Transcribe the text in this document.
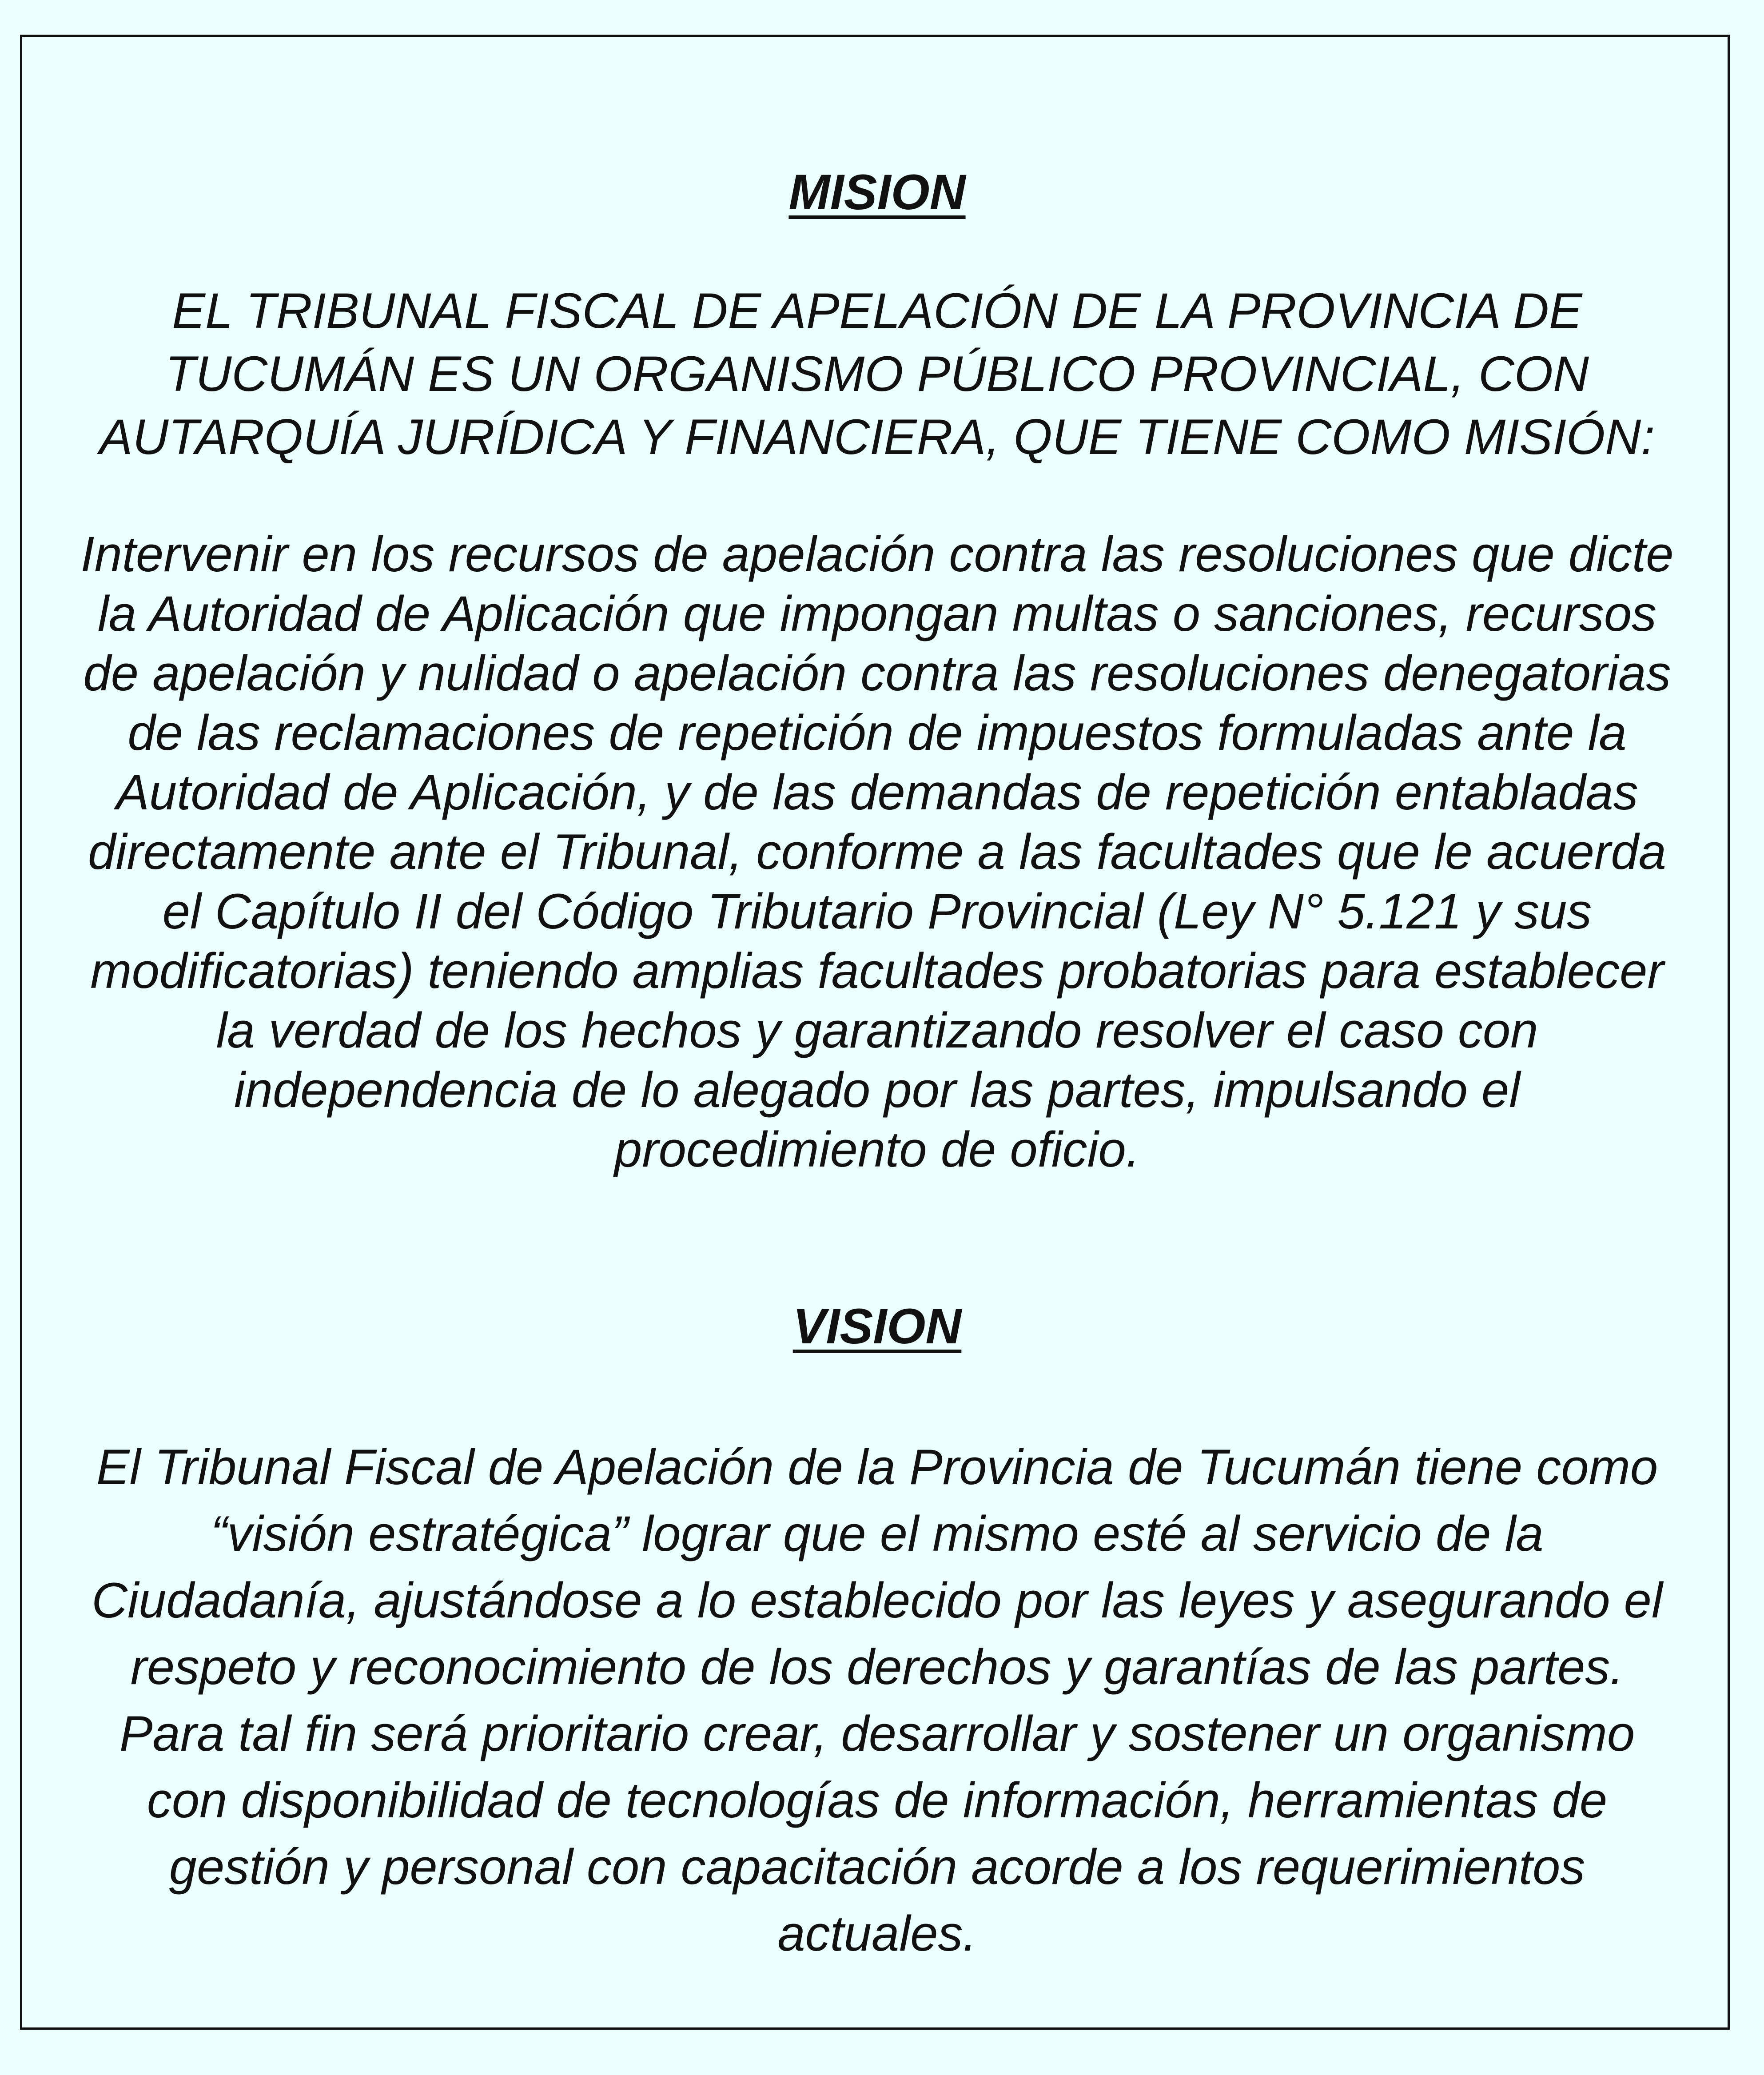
MISION

EL TRIBUNAL FISCAL DE APELACIÓN DE LA PROVINCIA DE
TUCUMÁN ES UN ORGANISMO PÚBLICO PROVINCIAL, CON
AUTARQUÍA JURÍDICA Y FINANCIERA, QUE TIENE COMO MISIÓN:

Intervenir en los recursos de apelación contra las resoluciones que dicte
la Autoridad de Aplicación que impongan multas o sanciones, recursos
de apelación y nulidad o apelación contra las resoluciones denegatorias
de las reclamaciones de repetición de impuestos formuladas ante la
Autoridad de Aplicación, y de las demandas de repetición entabladas
directamente ante el Tribunal, conforme a las facultades que le acuerda
el Capítulo II del Código Tributario Provincial (Ley N° 5.121 y sus
modificatorias) teniendo amplias facultades probatorias para establecer
la verdad de los hechos y garantizando resolver el caso con
independencia de lo alegado por las partes, impulsando el
procedimiento de oficio.

VISION

El Tribunal Fiscal de Apelación de la Provincia de Tucumán tiene como
“visión estratégica” lograr que el mismo esté al servicio de la
Ciudadanía, ajustándose a lo establecido por las leyes y asegurando el
respeto y reconocimiento de los derechos y garantías de las partes.
Para tal fin será prioritario crear, desarrollar y sostener un organismo
con disponibilidad de tecnologías de información, herramientas de
gestión y personal con capacitación acorde a los requerimientos
actuales.
